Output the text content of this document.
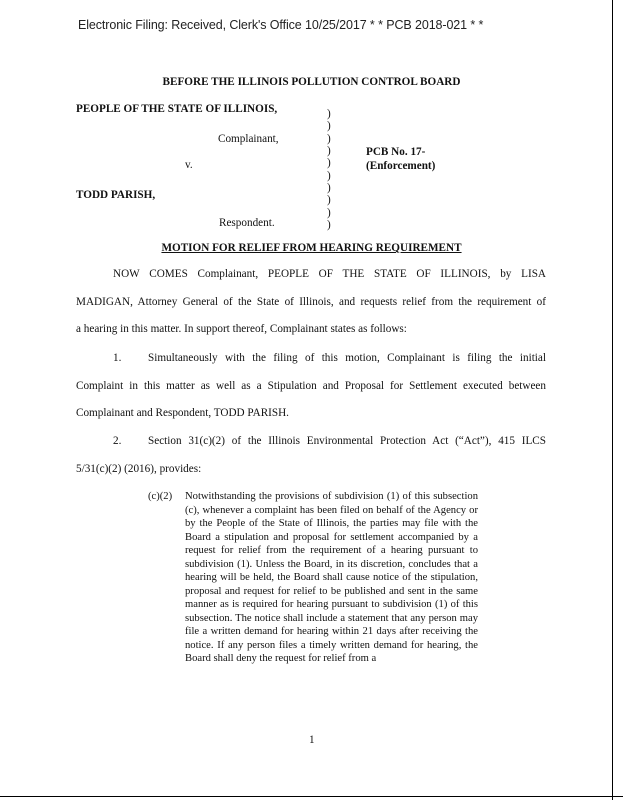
Electronic Filing: Received, Clerk's Office 10/25/2017 * * PCB 2018-021 * *
BEFORE THE ILLINOIS POLLUTION CONTROL BOARD
PEOPLE OF THE STATE OF ILLINOIS,
Complainant,
v.
TODD PARISH,
Respondent.
PCB No. 17-
(Enforcement)
)
)
)
)
)
)
)
)
)
)
MOTION FOR RELIEF FROM HEARING REQUIREMENT
NOW COMES Complainant, PEOPLE OF THE STATE OF ILLINOIS, by LISA
MADIGAN, Attorney General of the State of Illinois, and requests relief from the requirement of
a hearing in this matter. In support thereof, Complainant states as follows:
1. Simultaneously with the filing of this motion, Complainant is filing the initial
Complaint in this matter as well as a Stipulation and Proposal for Settlement executed between
Complainant and Respondent, TODD PARISH.
2. Section 31(c)(2) of the Illinois Environmental Protection Act (“Act”), 415 ILCS
5/31(c)(2) (2016), provides:
(c)(2) Notwithstanding the provisions of subdivision (1) of this subsection (c), whenever a complaint has been filed on behalf of the Agency or by the People of the State of Illinois, the parties may file with the Board a stipulation and proposal for settlement accompanied by a request for relief from the requirement of a hearing pursuant to subdivision (1). Unless the Board, in its discretion, concludes that a hearing will be held, the Board shall cause notice of the stipulation, proposal and request for relief to be published and sent in the same manner as is required for hearing pursuant to subdivision (1) of this subsection. The notice shall include a statement that any person may file a written demand for hearing within 21 days after receiving the notice. If any person files a timely written demand for hearing, the Board shall deny the request for relief from a
1
